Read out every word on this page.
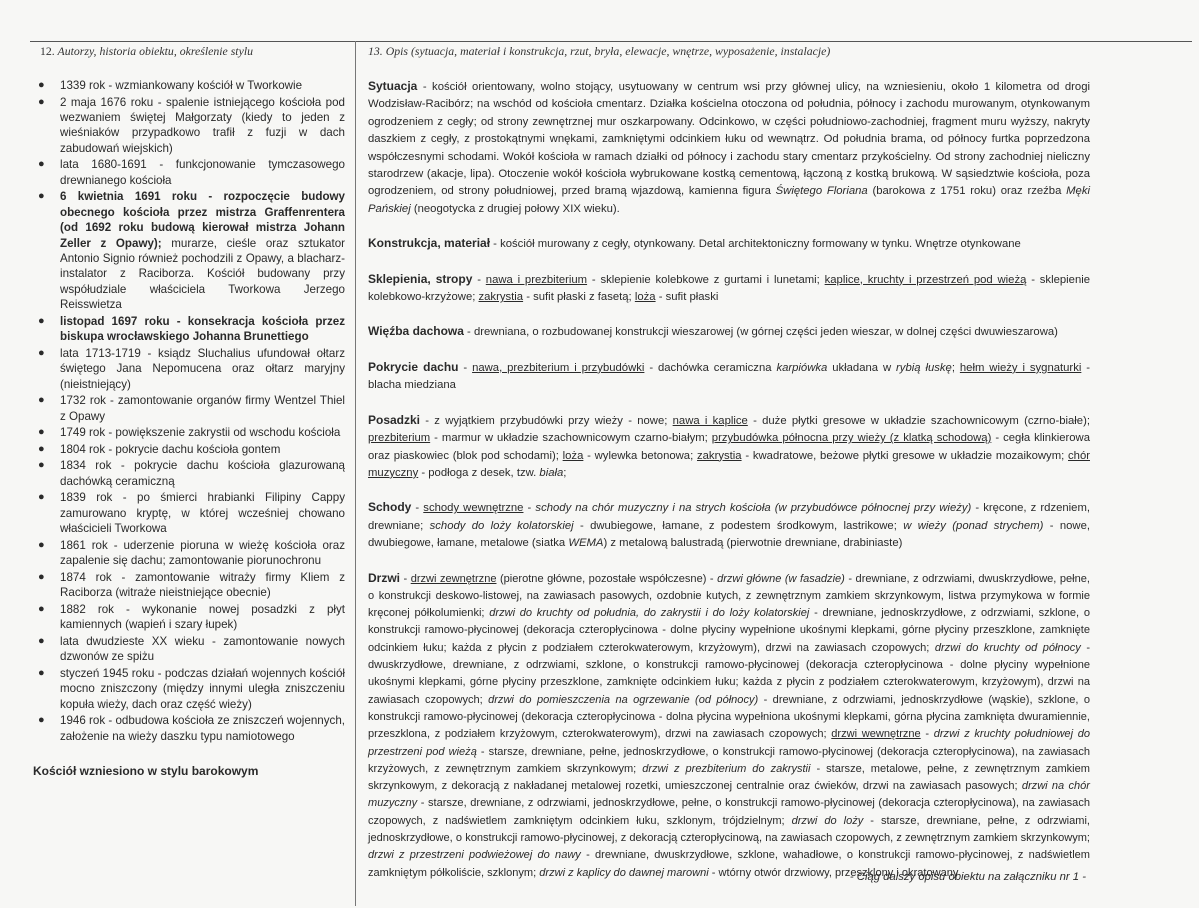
12. Autorzy, historia obiektu, określenie stylu	13. Opis (sytuacja, materiał i konstrukcja, rzut, bryła, elewacje, wnętrze, wyposażenie, instalacje)
● 1339 rok - wzmiankowany kościół w Tworkowie
● 2 maja 1676 roku - spalenie istniejącego kościoła pod wezwaniem świętej Małgorzaty (kiedy to jeden z wieśniaków przypadkowo trafił z fuzji w dach zabudowań wiejskich)
● lata 1680-1691 - funkcjonowanie tymczasowego drewnianego kościoła
● 6 kwietnia 1691 roku - rozpoczęcie budowy obecnego kościoła przez mistrza Graffenrentera (od 1692 roku budową kierował mistrza Johann Zeller z Opawy); murarze, cieśle oraz sztukator Antonio Signio również pochodzili z Opawy, a blacharz-instalator z Raciborza. Kościół budowany przy współudziale właściciela Tworkowa Jerzego Reisswietza
● listopad 1697 roku - konsekracja kościoła przez biskupa wrocławskiego Johanna Brunettiego
● lata 1713-1719 - ksiądz Sluchalius ufundował ołtarz świętego Jana Nepomucena oraz ołtarz maryjny (nieistniejący)
● 1732 rok - zamontowanie organów firmy Wentzel Thiel z Opawy
● 1749 rok - powiększenie zakrystii od wschodu kościoła
● 1804 rok - pokrycie dachu kościoła gontem
● 1834 rok - pokrycie dachu kościoła glazurowaną dachówką ceramiczną
● 1839 rok - po śmierci hrabianki Filipiny Cappy zamurowano kryptę, w której wcześniej chowano właścicieli Tworkowa
● 1861 rok - uderzenie pioruna w wieżę kościoła oraz zapalenie się dachu; zamontowanie piorunochronu
● 1874 rok - zamontowanie witraży firmy Kliem z Raciborza (witraże nieistniejące obecnie)
● 1882 rok - wykonanie nowej posadzki z płyt kamiennych (wapień i szary łupek)
● lata dwudzieste XX wieku - zamontowanie nowych dzwonów ze spiżu
● styczeń 1945 roku - podczas działań wojennych kościół mocno zniszczony (między innymi uległa zniszczeniu kopuła wieży, dach oraz część wieży)
● 1946 rok - odbudowa kościoła ze zniszczeń wojennych, założenie na wieży daszku typu namiotowego
Kościół wzniesiono w stylu barokowym

Sytuacja - kościół orientowany, wolno stojący, usytuowany w centrum wsi przy głównej ulicy, na wzniesieniu, około 1 kilometra od drogi Wodzisław-Racibórz; na wschód od kościoła cmentarz. Działka kościelna otoczona od południa, północy i zachodu murowanym, otynkowanym ogrodzeniem z cegły; od strony zewnętrznej mur oszkarpowany. Odcinkowo, w części południowo-zachodniej, fragment muru wyższy, nakryty daszkiem z cegły, z prostokątnymi wnękami, zamkniętymi odcinkiem łuku od wewnątrz. Od południa brama, od północy furtka poprzedzona współczesnymi schodami. Wokół kościoła w ramach działki od północy i zachodu stary cmentarz przykościelny. Od strony zachodniej nieliczny starodrzew (akacje, lipa). Otoczenie wokół kościoła wybrukowane kostką cementową, łączoną z kostką brukową. W sąsiedztwie kościoła, poza ogrodzeniem, od strony południowej, przed bramą wjazdową, kamienna figura Świętego Floriana (barokowa z 1751 roku) oraz rzeźba Męki Pańskiej (neogotycka z drugiej połowy XIX wieku).

Konstrukcja, materiał - kościół murowany z cegły, otynkowany. Detal architektoniczny formowany w tynku. Wnętrze otynkowane

Sklepienia, stropy - nawa i prezbiterium - sklepienie kolebkowe z gurtami i lunetami; kaplice, kruchty i przestrzeń pod wieżą - sklepienie kolebkowo-krzyżowe; zakrystia - sufit płaski z fasetą; loża - sufit płaski

Więźba dachowa - drewniana, o rozbudowanej konstrukcji wieszarowej (w górnej części jeden wieszar, w dolnej części dwuwieszarowa)

Pokrycie dachu - nawa, prezbiterium i przybudówki - dachówka ceramiczna karpiówka układana w rybią łuskę; hełm wieży i sygnaturki - blacha miedziana

Posadzki - z wyjątkiem przybudówki przy wieży - nowe; nawa i kaplice - duże płytki gresowe w układzie szachownicowym (czrno-białe); prezbiterium - marmur w układzie szachownicowym czarno-białym; przybudówka północna przy wieży (z klatką schodową) - cegła klinkierowa oraz piaskowiec (blok pod schodami); loża - wylewka betonowa; zakrystia - kwadratowe, beżowe płytki gresowe w układzie mozaikowym; chór muzyczny - podłoga z desek, tzw. biała;

Schody - schody wewnętrzne - schody na chór muzyczny i na strych kościoła (w przybudówce północnej przy wieży) - kręcone, z rdzeniem, drewniane; schody do loży kolatorskiej - dwubiegowe, łamane, z podestem środkowym, lastrikowe; w wieży (ponad strychem) - nowe, dwubiegowe, łamane, metalowe (siatka WEMA) z metalową balustradą (pierwotnie drewniane, drabiniaste)

Drzwi - drzwi zewnętrzne (pierotne główne, pozostałe współczesne) - drzwi główne (w fasadzie) - drewniane, z odrzwiami, dwuskrzydłowe, pełne, o konstrukcji deskowo-listowej, na zawiasach pasowych, ozdobnie kutych, z zewnętrznym zamkiem skrzynkowym, listwa przymykowa w formie kręconej półkolumienki; drzwi do kruchty od południa, do zakrystii i do loży kolatorskiej - drewniane, jednoskrzydłowe, z odrzwiami, szklone, o konstrukcji ramowo-płycinowej (dekoracja czteropłycinowa - dolne płyciny wypełnione ukośnymi klepkami, górne płyciny przeszklone, zamknięte odcinkiem łuku; każda z płycin z podziałem czterokwaterowym, krzyżowym), drzwi na zawiasach czopowych; drzwi do kruchty od północy - dwuskrzydłowe, drewniane, z odrzwiami, szklone, o konstrukcji ramowo-płycinowej (dekoracja czteropłycinowa - dolne płyciny wypełnione ukośnymi klepkami, górne płyciny przeszklone, zamknięte odcinkiem łuku; każda z płycin z podziałem czterokwaterowym, krzyżowym), drzwi na zawiasach czopowych; drzwi do pomieszczenia na ogrzewanie (od północy) - drewniane, z odrzwiami, jednoskrzydłowe (wąskie), szklone, o konstrukcji ramowo-płycinowej (dekoracja czteropłycinowa - dolna płycina wypełniona ukośnymi klepkami, górna płycina zamknięta dwuramiennie, przeszklona, z podziałem krzyżowym, czterokwaterowym), drzwi na zawiasach czopowych; drzwi wewnętrzne - drzwi z kruchty południowej do przestrzeni pod wieżą - starsze, drewniane, pełne, jednoskrzydłowe, o konstrukcji ramowo-płycinowej (dekoracja czteropłycinowa), na zawiasach krzyżowych, z zewnętrznym zamkiem skrzynkowym; drzwi z prezbiterium do zakrystii - starsze, metalowe, pełne, z zewnętrznym zamkiem skrzynkowym, z dekoracją z nakładanej metalowej rozetki, umieszczonej centralnie oraz ćwieków, drzwi na zawiasach pasowych; drzwi na chór muzyczny - starsze, drewniane, z odrzwiami, jednoskrzydłowe, pełne, o konstrukcji ramowo-płycinowej (dekoracja czteropłycinowa), na zawiasach czopowych, z nadświetlem zamkniętym odcinkiem łuku, szklonym, trójdzielnym; drzwi do loży - starsze, drewniane, pełne, z odrzwiami, jednoskrzydłowe, o konstrukcji ramowo-płycinowej, z dekoracją czteropłycinową, na zawiasach czopowych, z zewnętrznym zamkiem skrzynkowym; drzwi z przestrzeni podwieżowej do nawy - drewniane, dwuskrzydłowe, szklone, wahadłowe, o konstrukcji ramowo-płycinowej, z nadświetlem zamkniętym półkoliście, szklonym; drzwi z kaplicy do dawnej marowni - wtórny otwór drzwiowy, przeszklony i okratowany

- Ciąg dalszy opisu obiektu na załączniku nr 1 -
